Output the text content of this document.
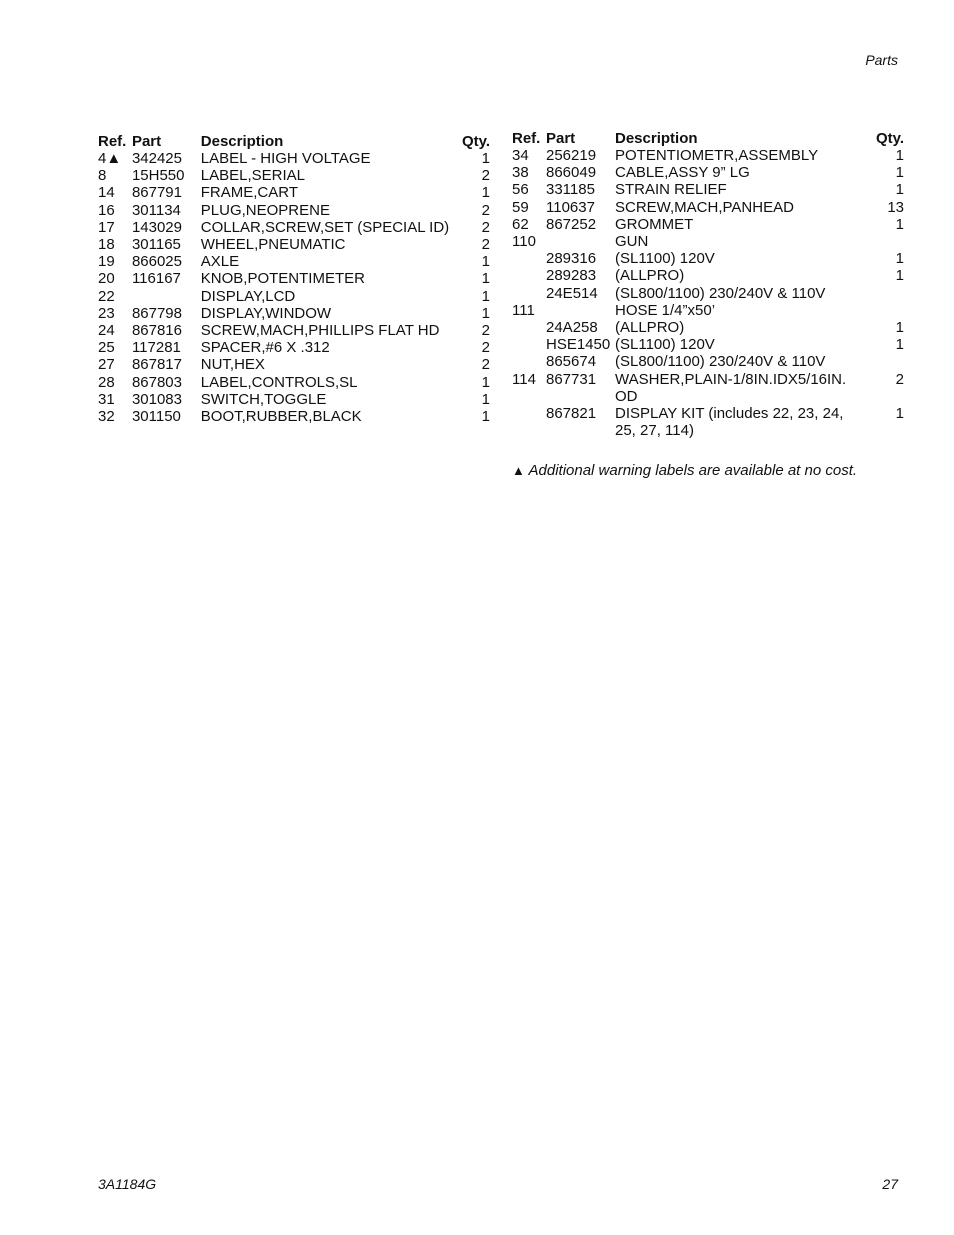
Parts
Ref.	Part	Description	Qty.
4▲	342425	LABEL - HIGH VOLTAGE	1
8	15H550	LABEL,SERIAL	2
14	867791	FRAME,CART	1
16	301134	PLUG,NEOPRENE	2
17	143029	COLLAR,SCREW,SET (SPECIAL ID)	2
18	301165	WHEEL,PNEUMATIC	2
19	866025	AXLE	1
20	116167	KNOB,POTENTIMETER	1
22		DISPLAY,LCD	1
23	867798	DISPLAY,WINDOW	1
24	867816	SCREW,MACH,PHILLIPS FLAT HD	2
25	117281	SPACER,#6 X .312	2
27	867817	NUT,HEX	2
28	867803	LABEL,CONTROLS,SL	1
31	301083	SWITCH,TOGGLE	1
32	301150	BOOT,RUBBER,BLACK	1
Ref.	Part	Description	Qty.
34	256219	POTENTIOMETR,ASSEMBLY	1
38	866049	CABLE,ASSY 9” LG	1
56	331185	STRAIN RELIEF	1
59	110637	SCREW,MACH,PANHEAD	13
62	867252	GROMMET	1
110		GUN	
	289316	(SL1100) 120V	1
	289283	(ALLPRO)	1
	24E514	(SL800/1100) 230/240V & 110V	
111		HOSE 1/4”x50’	
	24A258	(ALLPRO)	1
	HSE1450	(SL1100) 120V	1
	865674	(SL800/1100) 230/240V & 110V	
114	867731	WASHER,PLAIN-1/8IN.IDX5/16IN. OD	2
	867821	DISPLAY KIT (includes 22, 23, 24, 25, 27, 114)	1
▲ Additional warning labels are available at no cost.
3A1184G	27
